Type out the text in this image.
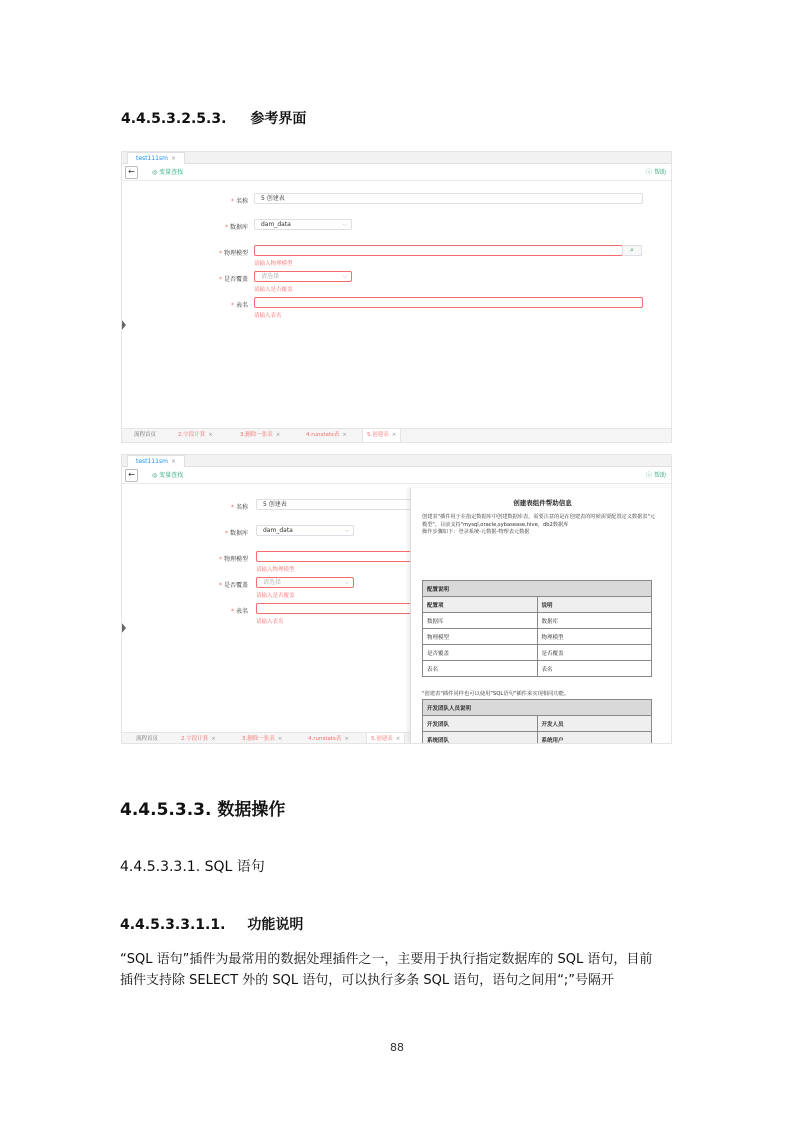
4.4.5.3.2.5.3. 参考界面
test111sm ×
←	◎ 变量查找	ⓘ 帮助
* 名称	5 创建表
* 数据库	dam_data	⌵
* 物理模型	⌕
请输入物理模型
* 是否覆盖	请选择	⌵
请输入是否覆盖
* 表名
请输入表名
流程首页	2.字段计算 ×	3.删除一张表 ×	4.runstats表 ×	5.创建表 ×
test111sm ×
←	◎ 变量查找	ⓘ 帮助
* 名称	5 创建表
* 数据库	dam_data	⌵
* 物理模型
请输入物理模型
* 是否覆盖	请选择	⌵
请输入是否覆盖
* 表名
请输入表名
流程首页	2.字段计算 ×	3.删除一张表 ×	4.runstats表 ×	5.创建表 ×
创建表组件帮助信息
创建表"插件用于在指定数据库中创建数据库表，需要注意的是在创建表的时候需要配置定义数据表"元模型"。目前支持"mysql,oracle,sybasease,hive，db2数据库
操作步骤如下：登录系统-元数据-物理表元数据
配置说明	
配置项	说明
数据库	数据库
物理模型	物理模型
是否覆盖	是否覆盖
表名	表名
"创建表"插件同样也可以使用"SQL语句"插件来实现相同功能。
开发团队人员说明	
开发团队	开发人员
系统团队	系统用户
4.4.5.3.3. 数据操作
4.4.5.3.3.1. SQL 语句
4.4.5.3.3.1.1. 功能说明
“SQL 语句”插件为最常用的数据处理插件之一，主要用于执行指定数据库的 SQL 语句，目前
插件支持除 SELECT 外的 SQL 语句，可以执行多条 SQL 语句，语句之间用“;”号隔开
88
